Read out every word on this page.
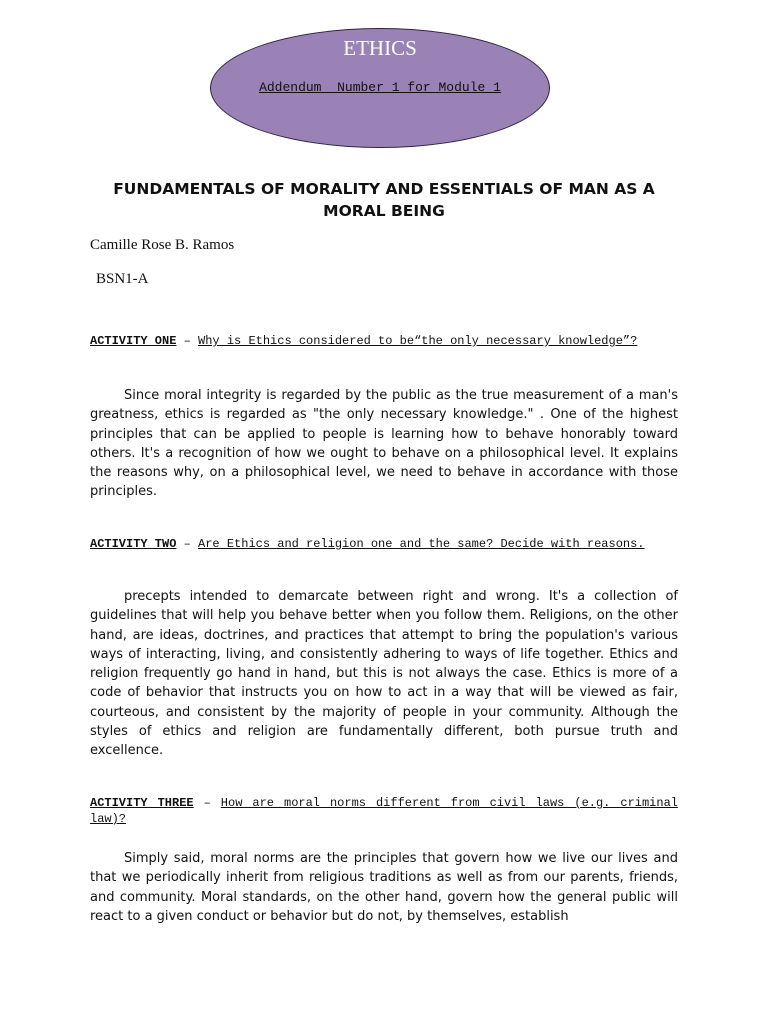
ETHICS
Addendum  Number 1 for Module 1
FUNDAMENTALS OF MORALITY AND ESSENTIALS OF MAN AS A MORAL BEING
Camille Rose B. Ramos
BSN1-A
ACTIVITY ONE – Why is Ethics considered to be“the only necessary knowledge”?
Since moral integrity is regarded by the public as the true measurement of a man's greatness, ethics is regarded as "the only necessary knowledge." . One of the highest principles that can be applied to people is learning how to behave honorably toward others. It's a recognition of how we ought to behave on a philosophical level. It explains the reasons why, on a philosophical level, we need to behave in accordance with those principles.
ACTIVITY TWO – Are Ethics and religion one and the same? Decide with reasons.
precepts intended to demarcate between right and wrong. It's a collection of guidelines that will help you behave better when you follow them. Religions, on the other hand, are ideas, doctrines, and practices that attempt to bring the population's various ways of interacting, living, and consistently adhering to ways of life together. Ethics and religion frequently go hand in hand, but this is not always the case. Ethics is more of a code of behavior that instructs you on how to act in a way that will be viewed as fair, courteous, and consistent by the majority of people in your community. Although the styles of ethics and religion are fundamentally different, both pursue truth and excellence.
ACTIVITY THREE – How are moral norms different from civil laws (e.g. criminal law)?
Simply said, moral norms are the principles that govern how we live our lives and that we periodically inherit from religious traditions as well as from our parents, friends, and community. Moral standards, on the other hand, govern how the general public will react to a given conduct or behavior but do not, by themselves, establish
